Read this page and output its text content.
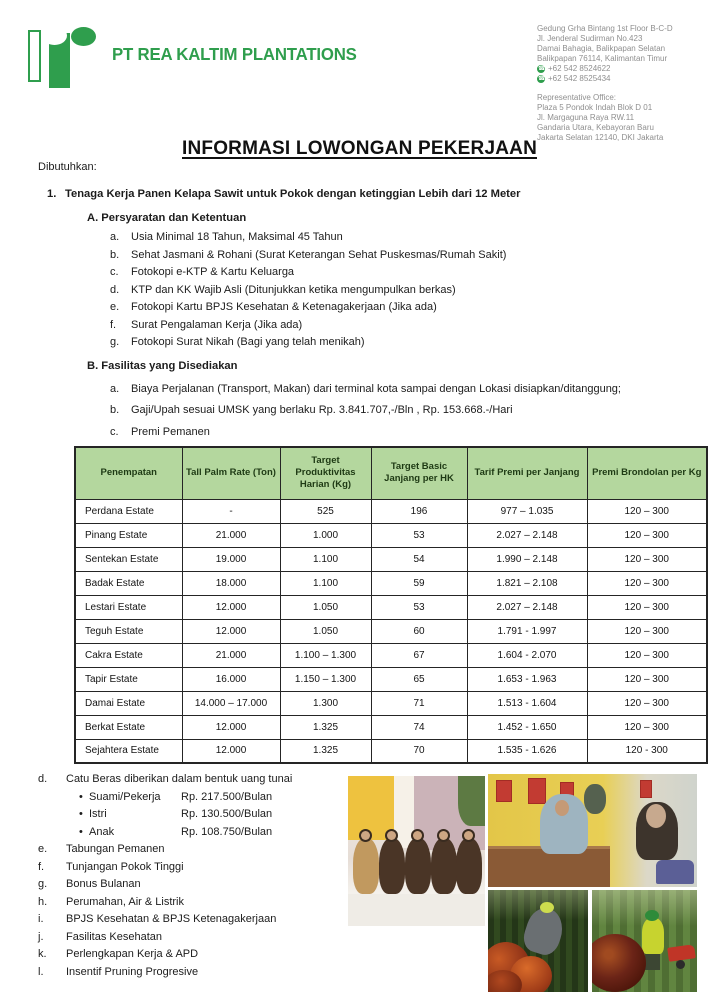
PT REA KALTIM PLANTATIONS
Gedung Grha Bintang 1st Floor B-C-D
Jl. Jenderal Sudirman No.423
Damai Bahagia, Balikpapan Selatan
Balikpapan 76114, Kalimantan Timur
☎
+62 542 8524622
☎
+62 542 8525434
Representative Office:
Plaza 5 Pondok Indah Blok D 01
Jl. Margaguna Raya RW.11
Gandaria Utara, Kebayoran Baru
Jakarta Selatan 12140, DKI Jakarta
INFORMASI LOWONGAN PEKERJAAN
Dibutuhkan:
1. Tenaga Kerja Panen Kelapa Sawit untuk Pokok dengan ketinggian Lebih dari 12 Meter
A. Persyaratan dan Ketentuan
a.	Usia Minimal 18 Tahun, Maksimal 45 Tahun
b.	Sehat Jasmani & Rohani (Surat Keterangan Sehat Puskesmas/Rumah Sakit)
c.	Fotokopi e-KTP & Kartu Keluarga
d.	KTP dan KK Wajib Asli (Ditunjukkan ketika mengumpulkan berkas)
e.	Fotokopi Kartu BPJS Kesehatan & Ketenagakerjaan (Jika ada)
f.	Surat Pengalaman Kerja (Jika ada)
g.	Fotokopi Surat Nikah (Bagi yang telah menikah)
B. Fasilitas yang Disediakan
a.	Biaya Perjalanan (Transport, Makan) dari terminal kota sampai dengan Lokasi disiapkan/ditanggung;
b.	Gaji/Upah sesuai UMSK yang berlaku Rp. 3.841.707,-/Bln , Rp. 153.668.-/Hari
c.	Premi Pemanen
Penempatan	Tall Palm Rate (Ton)	Target Produktivitas Harian (Kg)	Target Basic Janjang per HK	Tarif Premi per Janjang	Premi Brondolan per Kg
Perdana Estate	-	525	196	977 – 1.035	120 – 300
Pinang Estate	21.000	1.000	53	2.027 – 2.148	120 – 300
Sentekan Estate	19.000	1.100	54	1.990 – 2.148	120 – 300
Badak Estate	18.000	1.100	59	1.821 – 2.108	120 – 300
Lestari Estate	12.000	1.050	53	2.027 – 2.148	120 – 300
Teguh Estate	12.000	1.050	60	1.791 - 1.997	120 – 300
Cakra Estate	21.000	1.100 – 1.300	67	1.604 - 2.070	120 – 300
Tapir Estate	16.000	1.150 – 1.300	65	1.653 - 1.963	120 – 300
Damai Estate	14.000 – 17.000	1.300	71	1.513 - 1.604	120 – 300
Berkat Estate	12.000	1.325	74	1.452 - 1.650	120 – 300
Sejahtera Estate	12.000	1.325	70	1.535 - 1.626	120 - 300
d.	Catu Beras diberikan dalam bentuk uang tunai
• Suami/Pekerja	Rp. 217.500/Bulan
• Istri	Rp. 130.500/Bulan
• Anak	Rp. 108.750/Bulan
e.	Tabungan Pemanen
f.	Tunjangan Pokok Tinggi
g.	Bonus Bulanan
h.	Perumahan, Air & Listrik
i.	BPJS Kesehatan & BPJS Ketenagakerjaan
j.	Fasilitas Kesehatan
k.	Perlengkapan Kerja & APD
l.	Insentif Pruning Progresive
